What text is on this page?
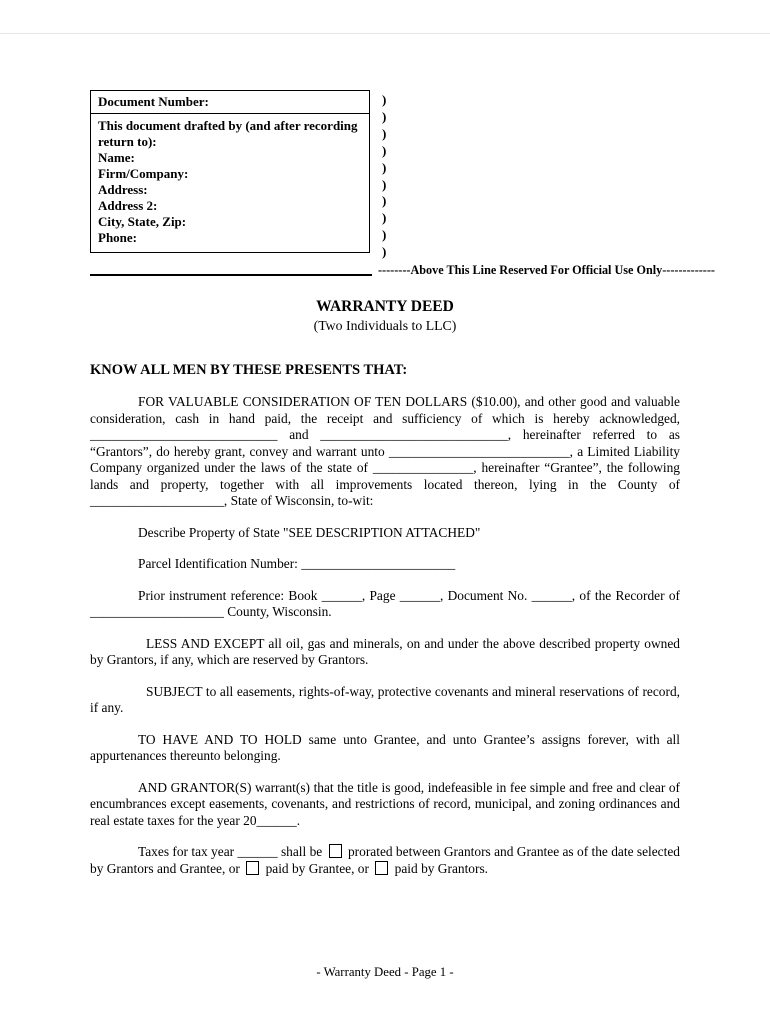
Document Number:
This document drafted by (and after recording return to):
Name:
Firm/Company:
Address:
Address 2:
City, State, Zip:
Phone:
)
)
)
)
)
)
)
)
)
)
--------Above This Line Reserved For Official Use Only-------------
WARRANTY DEED
(Two Individuals to LLC)
KNOW ALL MEN BY THESE PRESENTS THAT:

FOR VALUABLE CONSIDERATION OF TEN DOLLARS ($10.00), and other good and valuable consideration, cash in hand paid, the receipt and sufficiency of which is hereby acknowledged, ____________________________ and ____________________________, hereinafter referred to as “Grantors”, do hereby grant, convey and warrant unto ___________________________, a Limited Liability Company organized under the laws of the state of _______________, hereinafter “Grantee”, the following lands and property, together with all improvements located thereon, lying in the County of ____________________, State of Wisconsin, to-wit:

Describe Property of State "SEE DESCRIPTION ATTACHED"

Parcel Identification Number: _______________________

Prior instrument reference: Book ______, Page ______, Document No. ______, of the Recorder of ____________________ County, Wisconsin.

LESS AND EXCEPT all oil, gas and minerals, on and under the above described property owned by Grantors, if any, which are reserved by Grantors.

SUBJECT to all easements, rights-of-way, protective covenants and mineral reservations of record, if any.

TO HAVE AND TO HOLD same unto Grantee, and unto Grantee’s assigns forever, with all appurtenances thereunto belonging.

AND GRANTOR(S) warrant(s) that the title is good, indefeasible in fee simple and free and clear of encumbrances except easements, covenants, and restrictions of record, municipal, and zoning ordinances and real estate taxes for the year 20______.

Taxes for tax year ______ shall be prorated between Grantors and Grantee as of the date selected by Grantors and Grantee, or paid by Grantee, or paid by Grantors.

- Warranty Deed - Page 1 -
